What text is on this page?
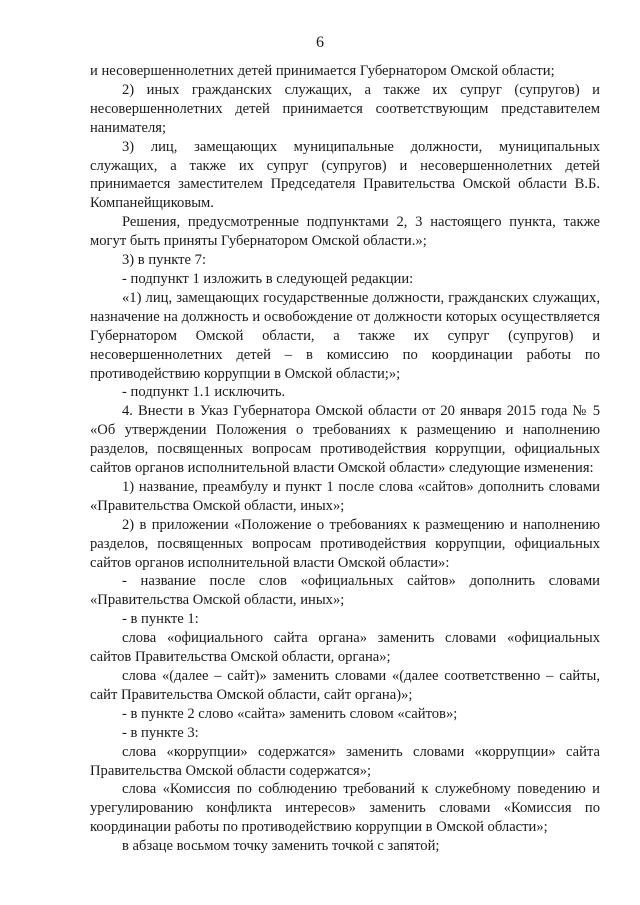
6

и несовершеннолетних детей принимается Губернатором Омской области;

2) иных гражданских служащих, а также их супруг (супругов) и несовершеннолетних детей принимается соответствующим представителем нанимателя;

3) лиц, замещающих муниципальные должности, муниципальных служащих, а также их супруг (супругов) и несовершеннолетних детей принимается заместителем Председателя Правительства Омской области В.Б. Компанейщиковым.

Решения, предусмотренные подпунктами 2, 3 настоящего пункта, также могут быть приняты Губернатором Омской области.»;

3) в пункте 7:

- подпункт 1 изложить в следующей редакции:

«1) лиц, замещающих государственные должности, гражданских служащих, назначение на должность и освобождение от должности которых осуществляется Губернатором Омской области, а также их супруг (супругов) и несовершеннолетних детей – в комиссию по координации работы по противодействию коррупции в Омской области;»;

- подпункт 1.1 исключить.

4. Внести в Указ Губернатора Омской области от 20 января 2015 года № 5 «Об утверждении Положения о требованиях к размещению и наполнению разделов, посвященных вопросам противодействия коррупции, официальных сайтов органов исполнительной власти Омской области» следующие изменения:

1) название, преамбулу и пункт 1 после слова «сайтов» дополнить словами «Правительства Омской области, иных»;

2) в приложении «Положение о требованиях к размещению и наполнению разделов, посвященных вопросам противодействия коррупции, официальных сайтов органов исполнительной власти Омской области»:

- название после слов «официальных сайтов» дополнить словами «Правительства Омской области, иных»;

- в пункте 1:

слова «официального сайта органа» заменить словами «официальных сайтов Правительства Омской области, органа»;

слова «(далее – сайт)» заменить словами «(далее соответственно – сайты, сайт Правительства Омской области, сайт органа)»;

- в пункте 2 слово «сайта» заменить словом «сайтов»;

- в пункте 3:

слова «коррупции» содержатся» заменить словами «коррупции» сайта Правительства Омской области содержатся»;

слова «Комиссия по соблюдению требований к служебному поведению и урегулированию конфликта интересов» заменить словами «Комиссия по координации работы по противодействию коррупции в Омской области»;

в абзаце восьмом точку заменить точкой с запятой;
